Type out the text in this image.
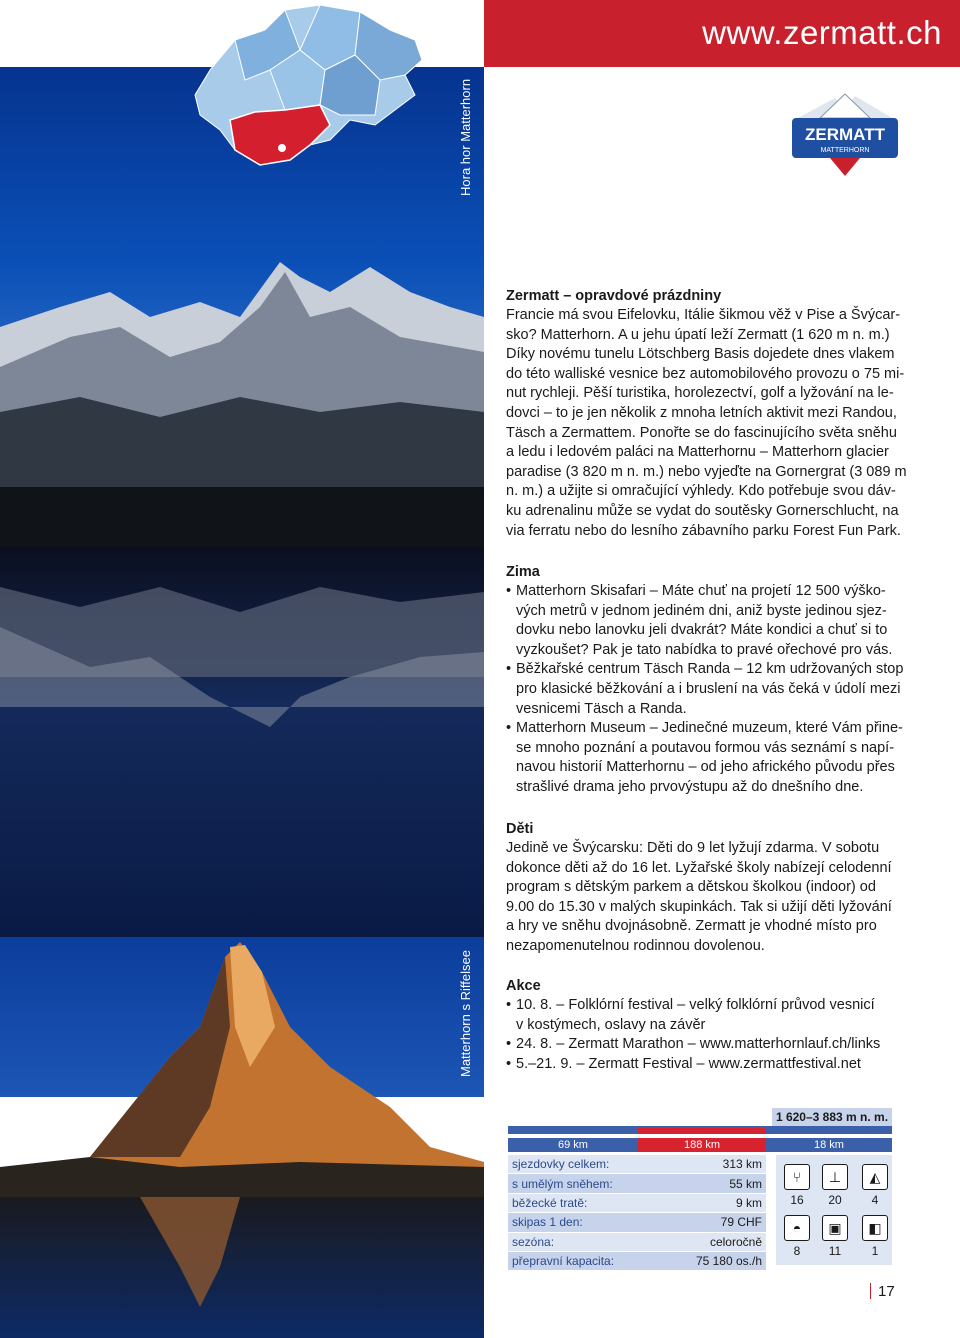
www.zermatt.ch
Hora hor Matterhorn
Matterhorn s Riffelsee
ZERMATT
MATTERHORN
Zermatt – opravdové prázdniny
Francie má svou Eifelovku, Itálie šikmou věž v Pise a Švýcar-
sko? Matterhorn. A u jehu úpatí leží Zermatt (1 620 m n. m.)
Díky novému tunelu Lötschberg Basis dojedete dnes vlakem
do této walliské vesnice bez automobilového provozu o 75 mi-
nut rychleji. Pěší turistika, horolezectví, golf a lyžování na le-
dovci – to je jen několik z mnoha letních aktivit mezi Randou,
Täsch a Zermattem. Ponořte se do fascinujícího světa sněhu
a ledu i ledovém paláci na Matterhornu – Matterhorn glacier
paradise (3 820 m n. m.) nebo vyjeďte na Gornergrat (3 089 m
n. m.) a užijte si omračující výhledy. Kdo potřebuje svou dáv-
ku adrenalinu může se vydat do soutěsky Gornerschlucht, na
via ferratu nebo do lesního zábavního parku Forest Fun Park.
Zima
• Matterhorn Skisafari – Máte chuť na projetí 12 500 výško-
vých metrů v jednom jediném dni, aniž byste jedinou sjez-
dovku nebo lanovku jeli dvakrát? Máte kondici a chuť si to
vyzkoušet? Pak je tato nabídka to pravé ořechové pro vás.
• Běžkařské centrum Täsch Randa – 12 km udržovaných stop
pro klasické běžkování a i bruslení na vás čeká v údolí mezi
vesnicemi Täsch a Randa.
• Matterhorn Museum – Jedinečné muzeum, které Vám přine-
se mnoho poznání a poutavou formou vás seznámí s napí-
navou historií Matterhornu – od jeho afrického původu přes
strašlivé drama jeho prvovýstupu až do dnešního dne.
Děti
Jedině ve Švýcarsku: Děti do 9 let lyžují zdarma. V sobotu
dokonce děti až do 16 let. Lyžařské školy nabízejí celodenní
program s dětským parkem a dětskou školkou (indoor) od
9.00 do 15.30 v malých skupinkách. Tak si užijí děti lyžování
a hry ve sněhu dvojnásobně. Zermatt je vhodné místo pro
nezapomenutelnou rodinnou dovolenou.
Akce
• 10. 8. – Folklórní festival – velký folklórní průvod vesnicí
v kostýmech, oslavy na závěr
• 24. 8. – Zermatt Marathon – www.matterhornlauf.ch/links
• 5.–21. 9. – Zermatt Festival – www.zermattfestival.net
1 620–3 883 m n. m.
69 km	188 km	18 km
sjezdovky celkem:	313 km
s umělým sněhem:	55 km
běžecké tratě:	9 km
skipas 1 den:	79 CHF
sezóna:	celoročně
přepravní kapacita:	75 180 os./h
⑂
16
⊥
20
◭
4
◓
8
▣
11
◧
1
17
